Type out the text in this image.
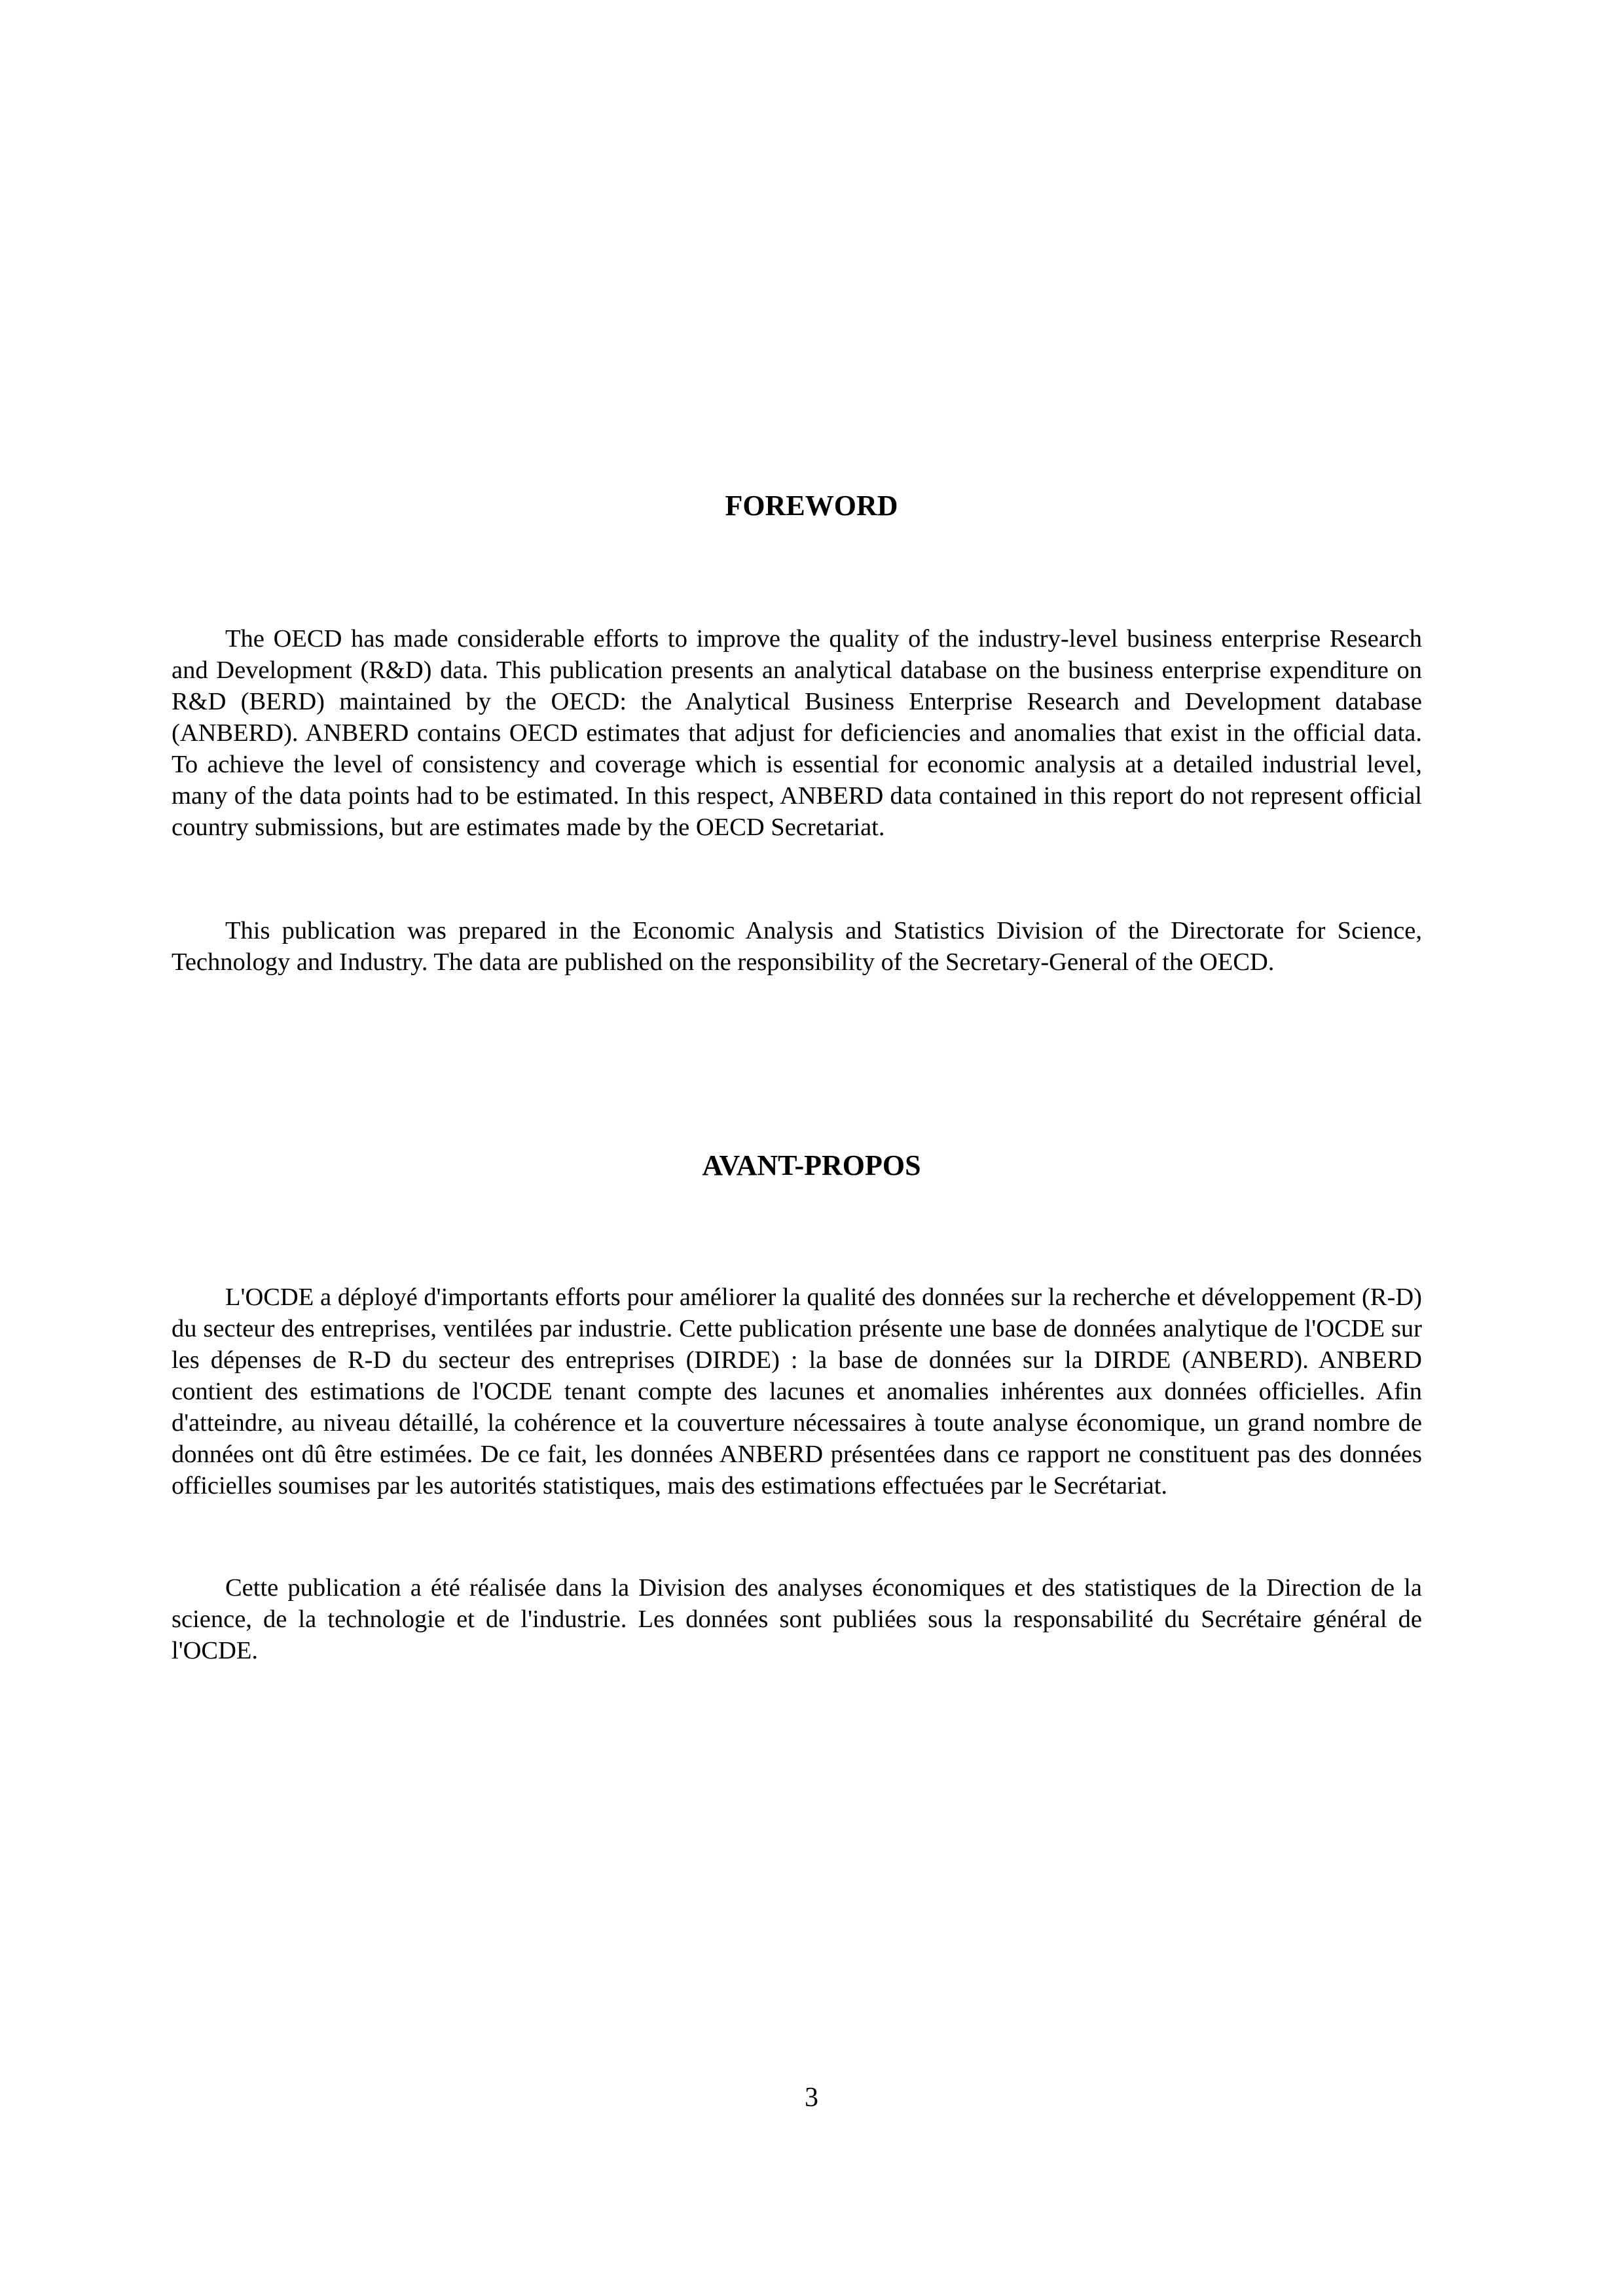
FOREWORD

The OECD has made considerable efforts to improve the quality of the industry-level business enterprise Research and Development (R&D) data. This publication presents an analytical database on the business enterprise expenditure on R&D (BERD) maintained by the OECD: the Analytical Business Enterprise Research and Development database (ANBERD). ANBERD contains OECD estimates that adjust for deficiencies and anomalies that exist in the official data. To achieve the level of consistency and coverage which is essential for economic analysis at a detailed industrial level, many of the data points had to be estimated. In this respect, ANBERD data contained in this report do not represent official country submissions, but are estimates made by the OECD Secretariat.

This publication was prepared in the Economic Analysis and Statistics Division of the Directorate for Science, Technology and Industry. The data are published on the responsibility of the Secretary-General of the OECD.

AVANT-PROPOS

L'OCDE a déployé d'importants efforts pour améliorer la qualité des données sur la recherche et développement (R-D) du secteur des entreprises, ventilées par industrie. Cette publication présente une base de données analytique de l'OCDE sur les dépenses de R-D du secteur des entreprises (DIRDE) : la base de données sur la DIRDE (ANBERD). ANBERD contient des estimations de l'OCDE tenant compte des lacunes et anomalies inhérentes aux données officielles. Afin d'atteindre, au niveau détaillé, la cohérence et la couverture nécessaires à toute analyse économique, un grand nombre de données ont dû être estimées. De ce fait, les données ANBERD présentées dans ce rapport ne constituent pas des données officielles soumises par les autorités statistiques, mais des estimations effectuées par le Secrétariat.

Cette publication a été réalisée dans la Division des analyses économiques et des statistiques de la Direction de la science, de la technologie et de l'industrie. Les données sont publiées sous la responsabilité du Secrétaire général de l'OCDE.

3
